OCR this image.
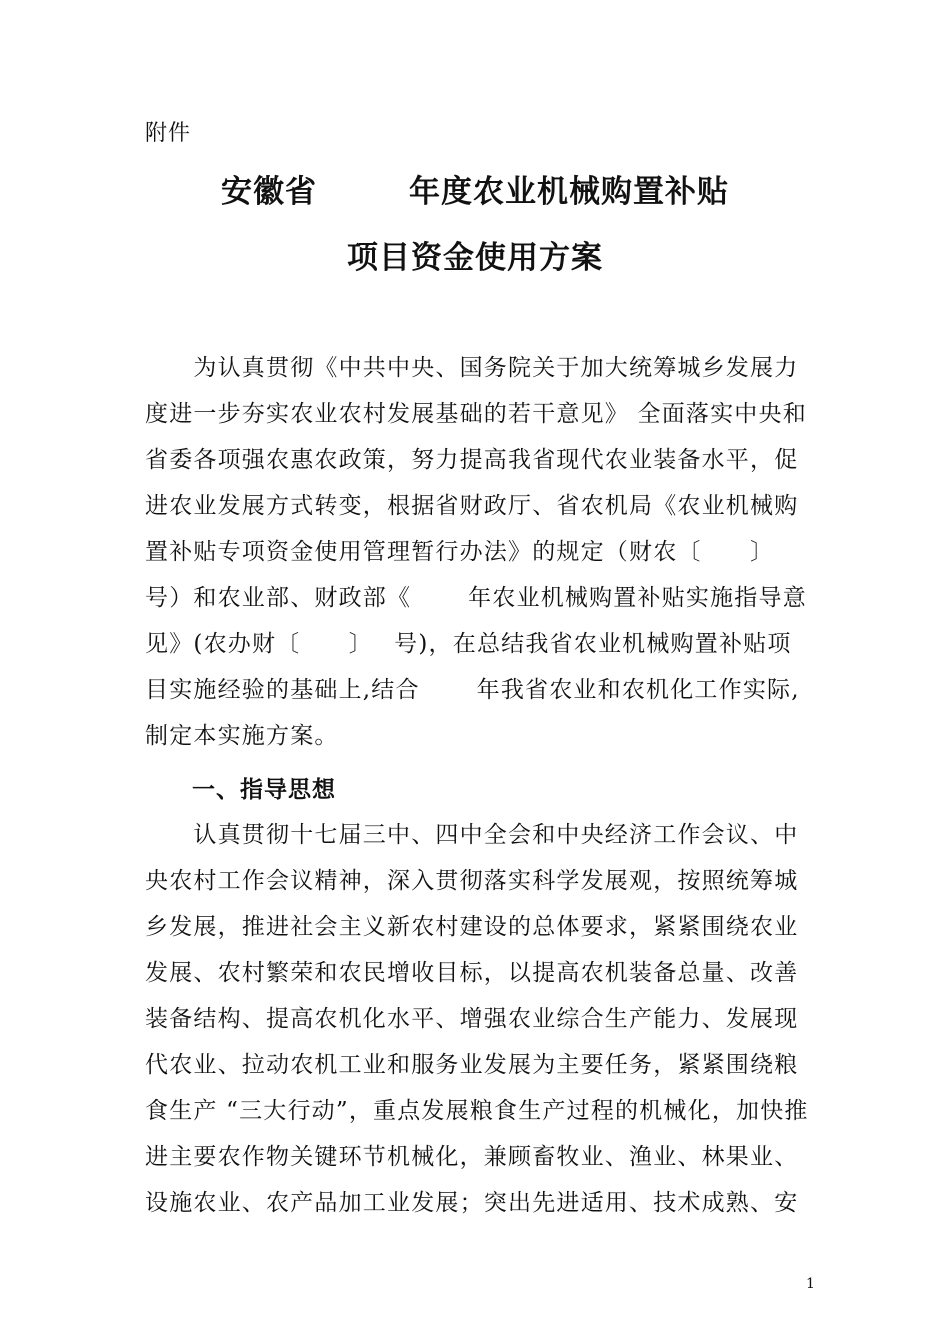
附件
安徽省	年度农业机械购置补贴
项目资金使用方案
　　为认真贯彻《中共中央、国务院关于加大统筹城乡发展力
度进一步夯实农业农村发展基础的若干意见》 全面落实中央和
省委各项强农惠农政策，努力提高我省现代农业装备水平，促
进农业发展方式转变，根据省财政厅、省农机局《农业机械购
置补贴专项资金使用管理暂行办法》的规定（财农〔　　〕
号）和农业部、财政部《　　 年农业机械购置补贴实施指导意
见》(农办财〔　　〕　 号)，在总结我省农业机械购置补贴项
目实施经验的基础上,结合　　 年我省农业和农机化工作实际,
制定本实施方案。
一、指导思想
　　认真贯彻十七届三中、四中全会和中央经济工作会议、中
央农村工作会议精神，深入贯彻落实科学发展观，按照统筹城
乡发展，推进社会主义新农村建设的总体要求，紧紧围绕农业
发展、农村繁荣和农民增收目标，以提高农机装备总量、改善
装备结构、提高农机化水平、增强农业综合生产能力、发展现
代农业、拉动农机工业和服务业发展为主要任务，紧紧围绕粮
食生产 “三大行动”，重点发展粮食生产过程的机械化，加快推
进主要农作物关键环节机械化，兼顾畜牧业、渔业、林果业、
设施农业、农产品加工业发展；突出先进适用、技术成熟、安
1
